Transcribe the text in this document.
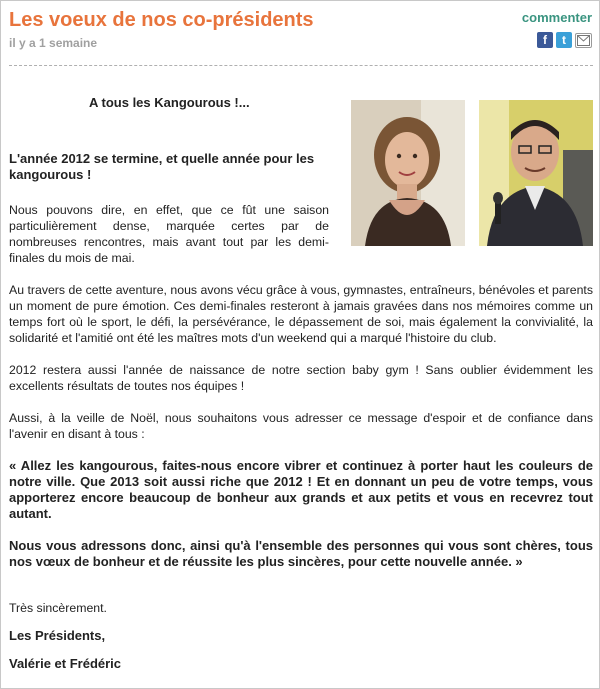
Les voeux de nos co-présidents
il y a 1 semaine
commenter
f t

A tous les Kangourous !...

L'année 2012 se termine, et quelle année pour les kangourous !

Nous pouvons dire, en effet, que ce fût une saison particulièrement dense, marquée certes par de nombreuses rencontres, mais avant tout par les demi-finales du mois de mai.

Au travers de cette aventure, nous avons vécu grâce à vous, gymnastes, entraîneurs, bénévoles et parents un moment de pure émotion. Ces demi-finales resteront à jamais gravées dans nos mémoires comme un temps fort où le sport, le défi, la persévérance, le dépassement de soi, mais également la convivialité, la solidarité et l'amitié ont été les maîtres mots d'un weekend qui a marqué l'histoire du club.

2012 restera aussi l'année de naissance de notre section baby gym ! Sans oublier évidemment les excellents résultats de toutes nos équipes !

Aussi, à la veille de Noël, nous souhaitons vous adresser ce message d'espoir et de confiance dans l'avenir en disant à tous :

« Allez les kangourous, faites-nous encore vibrer et continuez à porter haut les couleurs de notre ville. Que 2013 soit aussi riche que 2012 ! Et en donnant un peu de votre temps, vous apporterez encore beaucoup de bonheur aux grands et aux petits et vous en recevrez tout autant.

Nous vous adressons donc, ainsi qu'à l'ensemble des personnes qui vous sont chères, tous nos vœux de bonheur et de réussite les plus sincères, pour cette nouvelle année. »

Très sincèrement.

Les Présidents,

Valérie et Frédéric
